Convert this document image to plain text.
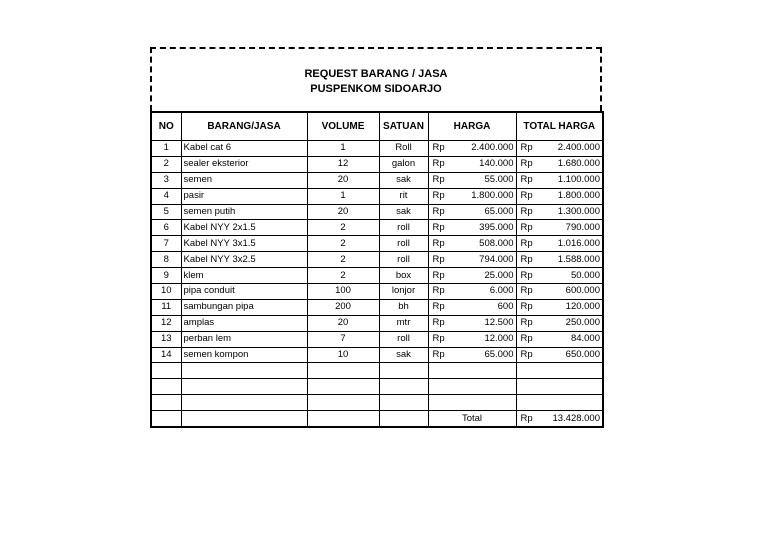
REQUEST BARANG / JASA
PUSPENKOM SIDOARJO
NO	BARANG/JASA	VOLUME	SATUAN	HARGA	TOTAL HARGA
1	Kabel cat 6	1	Roll	Rp 2.400.000	Rp 2.400.000

2	sealer eksterior	12	galon	Rp 140.000	Rp 1.680.000

3	semen	20	sak	Rp 55.000	Rp 1.100.000

4	pasir	1	rit	Rp 1.800.000	Rp 1.800.000

5	semen putih	20	sak	Rp 65.000	Rp 1.300.000

6	Kabel NYY 2x1.5	2	roll	Rp 395.000	Rp 790.000

7	Kabel NYY 3x1.5	2	roll	Rp 508.000	Rp 1.016.000

8	Kabel NYY 3x2.5	2	roll	Rp 794.000	Rp 1.588.000

9	klem	2	box	Rp 25.000	Rp 50.000

10	pipa conduit	100	lonjor	Rp 6.000	Rp 600.000

11	sambungan pipa	200	bh	Rp 600	Rp 120.000

12	amplas	20	mtr	Rp 12.500	Rp 250.000

13	perban lem	7	roll	Rp 12.000	Rp 84.000

14	semen kompon	10	sak	Rp 65.000	Rp 650.000

				Total	Rp 13.428.000
